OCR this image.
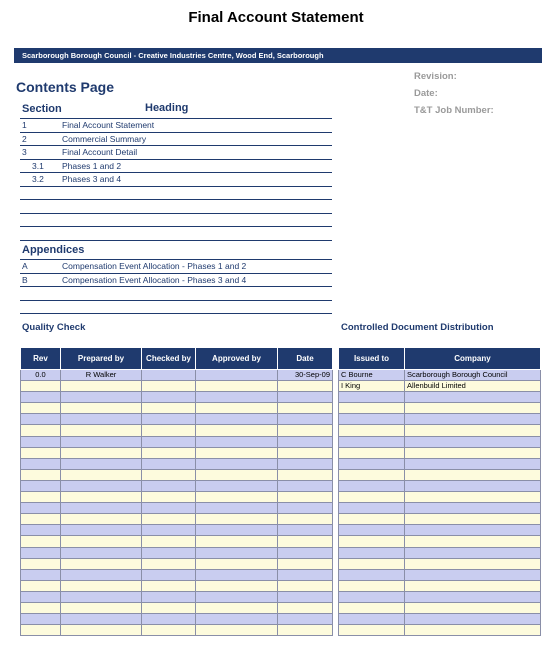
Final Account Statement
Scarborough Borough Council - Creative Industries Centre, Wood End, Scarborough
Contents Page
Revision:
Date:
T&T Job Number:
Section	Heading
1	Final Account Statement
2	Commercial Summary
3	Final Account Detail
3.1 Phases 1 and 2
3.2 Phases 3 and 4
Appendices
A	Compensation Event Allocation - Phases 1 and 2
B	Compensation Event Allocation - Phases 3 and 4
Quality Check	Controlled Document Distribution
Rev	Prepared by	Checked by	Approved by	Date
0.0	R Walker			30-Sep-09

Issued to	Company
C Bourne	Scarborough Borough Council
I King	Allenbuild Limited
